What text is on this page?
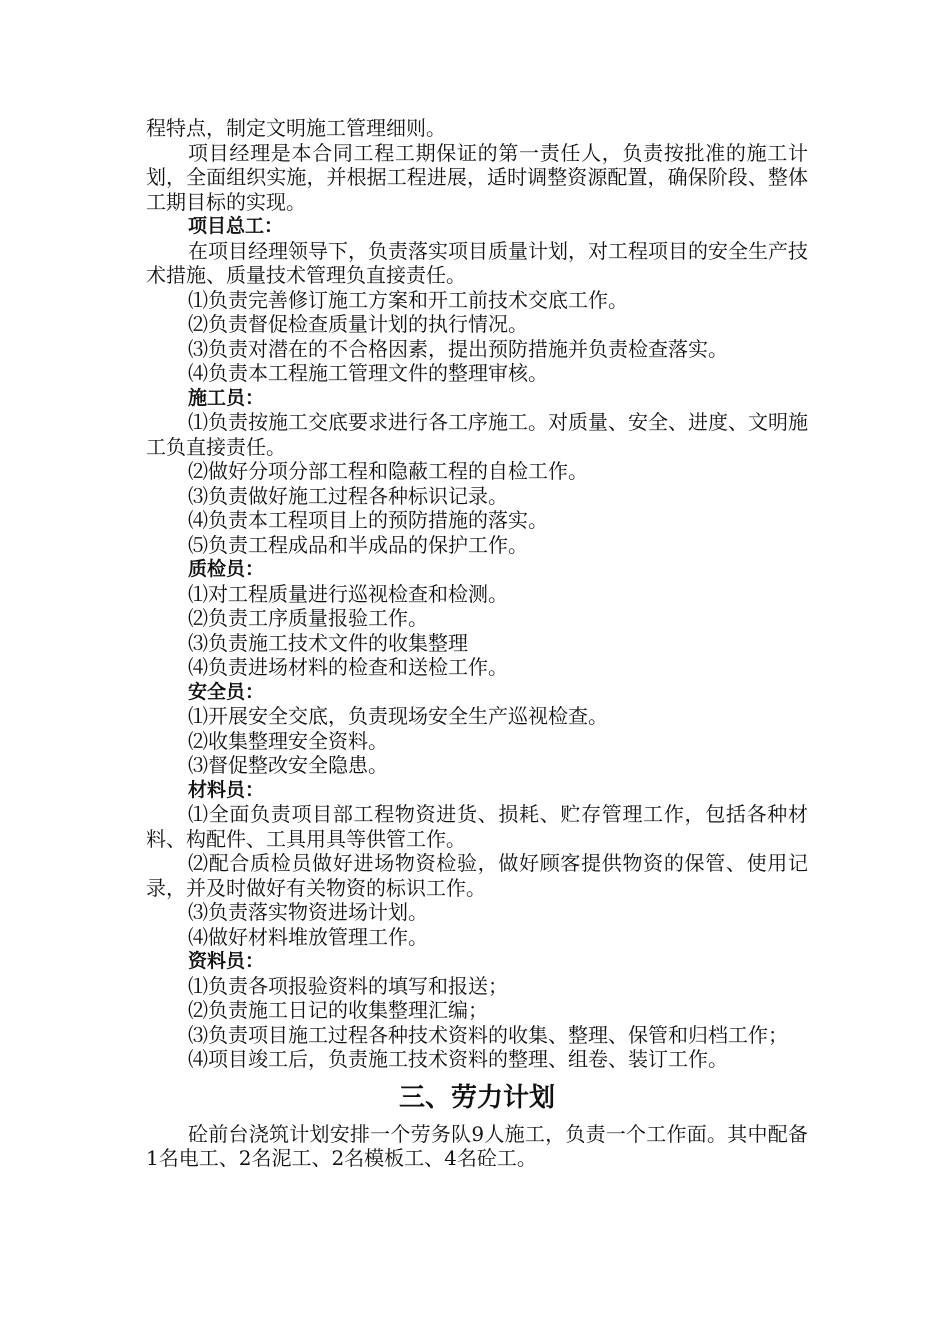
程特点，制定文明施工管理细则。

项目经理是本合同工程工期保证的第一责任人，负责按批准的施工计划，全面组织实施，并根据工程进展，适时调整资源配置，确保阶段、整体工期目标的实现。

项目总工：

在项目经理领导下，负责落实项目质量计划，对工程项目的安全生产技术措施、质量技术管理负直接责任。

⑴负责完善修订施工方案和开工前技术交底工作。

⑵负责督促检查质量计划的执行情况。

⑶负责对潜在的不合格因素，提出预防措施并负责检查落实。

⑷负责本工程施工管理文件的整理审核。

施工员：

⑴负责按施工交底要求进行各工序施工。对质量、安全、进度、文明施工负直接责任。

⑵做好分项分部工程和隐蔽工程的自检工作。

⑶负责做好施工过程各种标识记录。

⑷负责本工程项目上的预防措施的落实。

⑸负责工程成品和半成品的保护工作。

质检员：

⑴对工程质量进行巡视检查和检测。

⑵负责工序质量报验工作。

⑶负责施工技术文件的收集整理

⑷负责进场材料的检查和送检工作。

安全员：

⑴开展安全交底，负责现场安全生产巡视检查。

⑵收集整理安全资料。

⑶督促整改安全隐患。

材料员：

⑴全面负责项目部工程物资进货、损耗、贮存管理工作，包括各种材料、构配件、工具用具等供管工作。

⑵配合质检员做好进场物资检验，做好顾客提供物资的保管、使用记录，并及时做好有关物资的标识工作。

⑶负责落实物资进场计划。

⑷做好材料堆放管理工作。

资料员：

⑴负责各项报验资料的填写和报送；

⑵负责施工日记的收集整理汇编；

⑶负责项目施工过程各种技术资料的收集、整理、保管和归档工作；

⑷项目竣工后，负责施工技术资料的整理、组卷、装订工作。

三、劳力计划

砼前台浇筑计划安排一个劳务队9人施工，负责一个工作面。其中配备1名电工、2名泥工、2名模板工、4名砼工。
